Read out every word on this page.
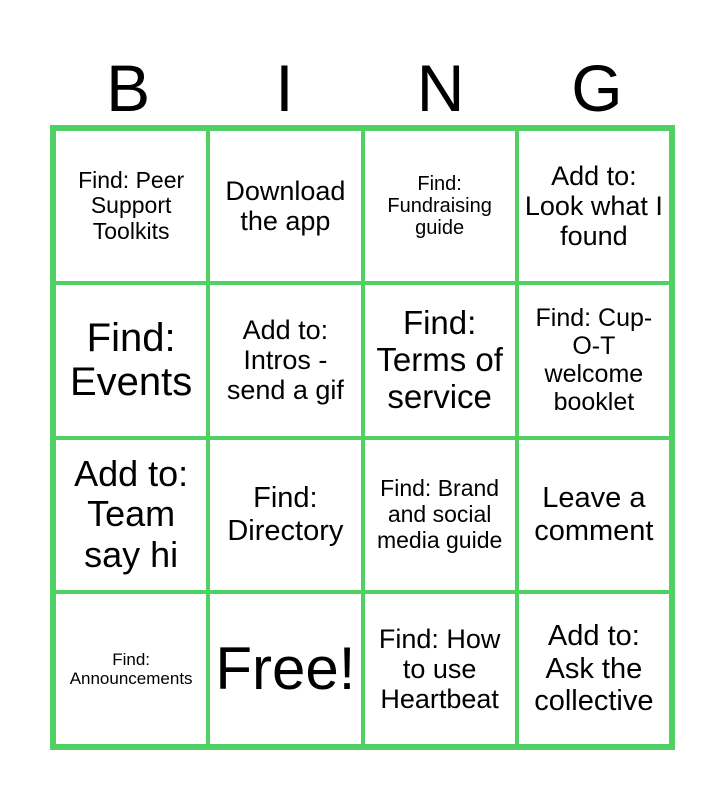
B	I	N	G
Find: Peer Support Toolkits
Download the app
Find: Fundraising guide
Add to: Look what I found
Find: Events
Add to: Intros - send a gif
Find: Terms of service
Find: Cup-O-T welcome booklet
Add to: Team say hi
Find: Directory
Find: Brand and social media guide
Leave a comment
Find: Announcements Free! Find: How to use Heartbeat
Add to: Ask the collective
